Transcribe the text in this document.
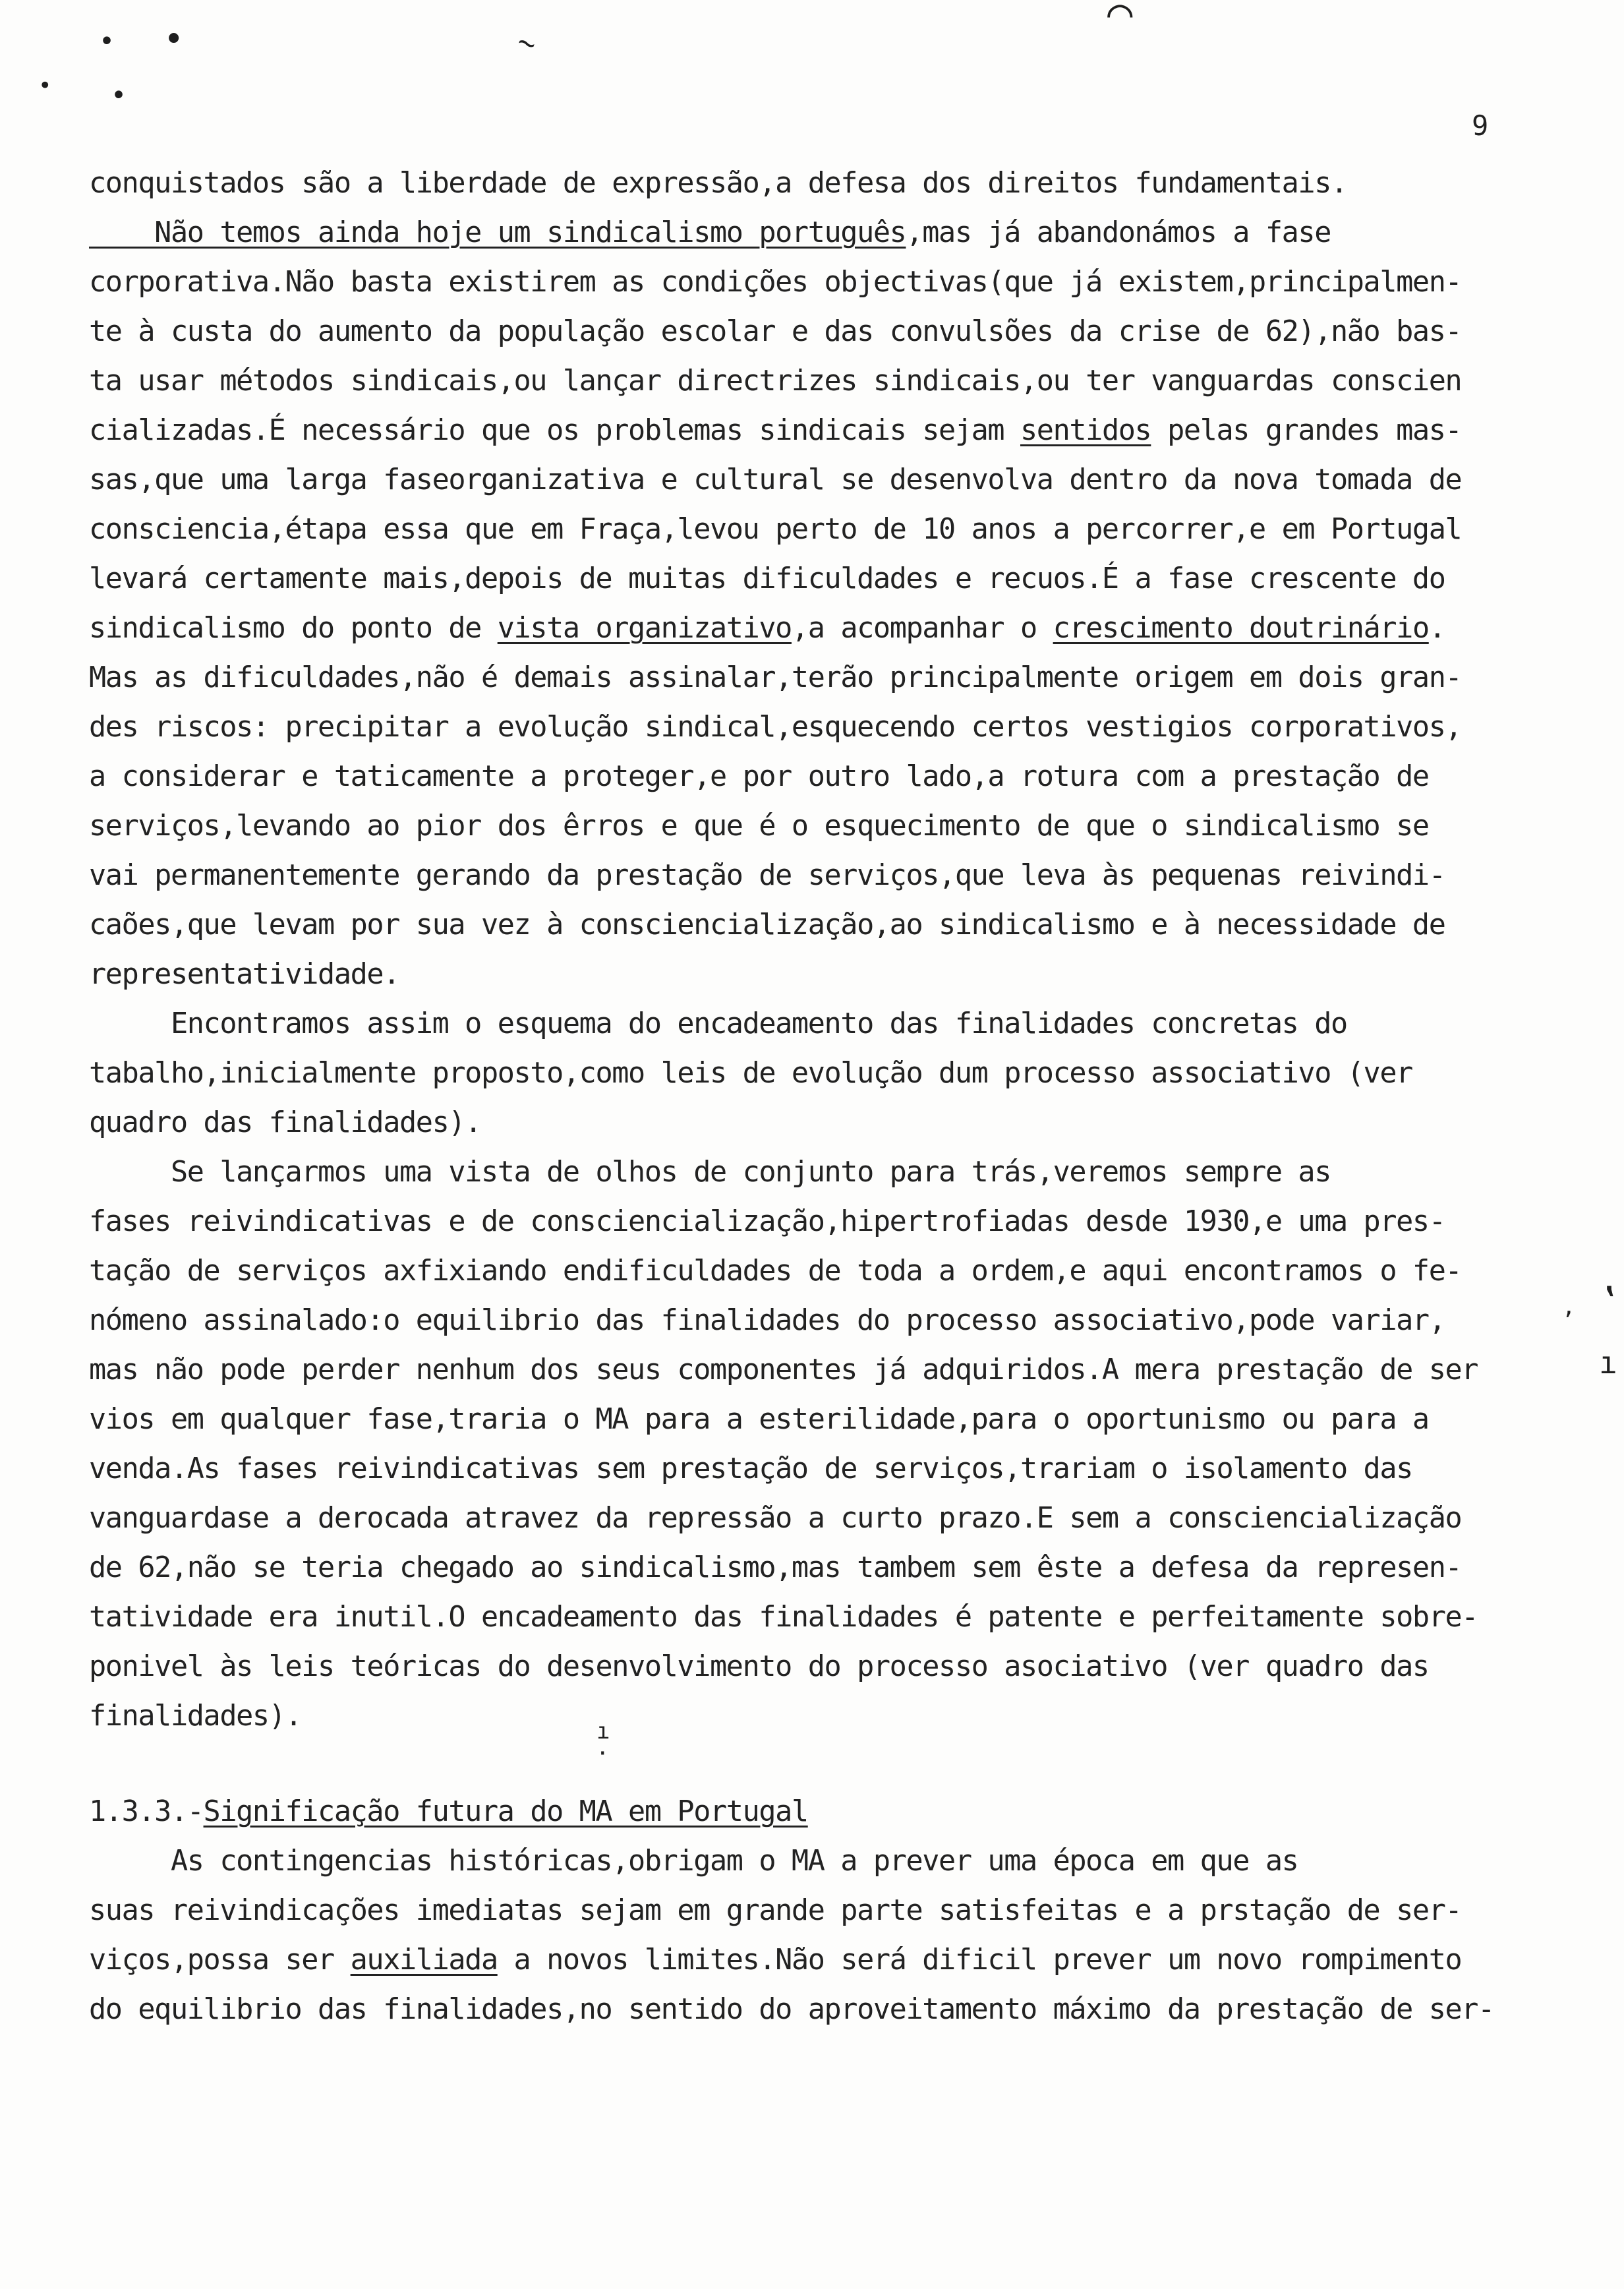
• •
• •
~
⌒
‛
ı
,
ı
·
9

conquistados são a liberdade de expressão,a defesa dos direitos fundamentais.

Não temos ainda hoje um sindicalismo português,mas já abandonámos a fase

corporativa.Não basta existirem as condições objectivas(que já existem,principalmen-

te à custa do aumento da população escolar e das convulsões da crise de 62),não bas-

ta usar métodos sindicais,ou lançar directrizes sindicais,ou ter vanguardas conscien

cializadas.É necessário que os problemas sindicais sejam sentidos pelas grandes mas-

sas,que uma larga faseorganizativa e cultural se desenvolva dentro da nova tomada de

consciencia,étapa essa que em Fraça,levou perto de 10 anos a percorrer,e em Portugal

levará certamente mais,depois de muitas dificuldades e recuos.É a fase crescente do

sindicalismo do ponto de vista organizativo,a acompanhar o crescimento doutrinário.

Mas as dificuldades,não é demais assinalar,terão principalmente origem em dois gran-

des riscos: precipitar a evolução sindical,esquecendo certos vestigios corporativos,

a considerar e taticamente a proteger,e por outro lado,a rotura com a prestação de

serviços,levando ao pior dos êrros e que é o esquecimento de que o sindicalismo se

vai permanentemente gerando da prestação de serviços,que leva às pequenas reivindi-

caões,que levam por sua vez à consciencialização,ao sindicalismo e à necessidade de

representatividade.

Encontramos assim o esquema do encadeamento das finalidades concretas do

tabalho,inicialmente proposto,como leis de evolução dum processo associativo (ver

quadro das finalidades).

Se lançarmos uma vista de olhos de conjunto para trás,veremos sempre as

fases reivindicativas e de consciencialização,hipertrofiadas desde 1930,e uma pres-

tação de serviços axfixiando endificuldades de toda a ordem,e aqui encontramos o fe-

nómeno assinalado:o equilibrio das finalidades do processo associativo,pode variar,

mas não pode perder nenhum dos seus componentes já adquiridos.A mera prestação de ser

vios em qualquer fase,traria o MA para a esterilidade,para o oportunismo ou para a

venda.As fases reivindicativas sem prestação de serviços,trariam o isolamento das

vanguardase a derocada atravez da repressão a curto prazo.E sem a consciencialização

de 62,não se teria chegado ao sindicalismo,mas tambem sem êste a defesa da represen-

tatividade era inutil.O encadeamento das finalidades é patente e perfeitamente sobre-

ponivel às leis teóricas do desenvolvimento do processo asociativo (ver quadro das

finalidades).

1.3.3.-Significação futura do MA em Portugal

As contingencias históricas,obrigam o MA a prever uma época em que as

suas reivindicações imediatas sejam em grande parte satisfeitas e a prstação de ser-

viços,possa ser auxiliada a novos limites.Não será dificil prever um novo rompimento

do equilibrio das finalidades,no sentido do aproveitamento máximo da prestação de ser-
